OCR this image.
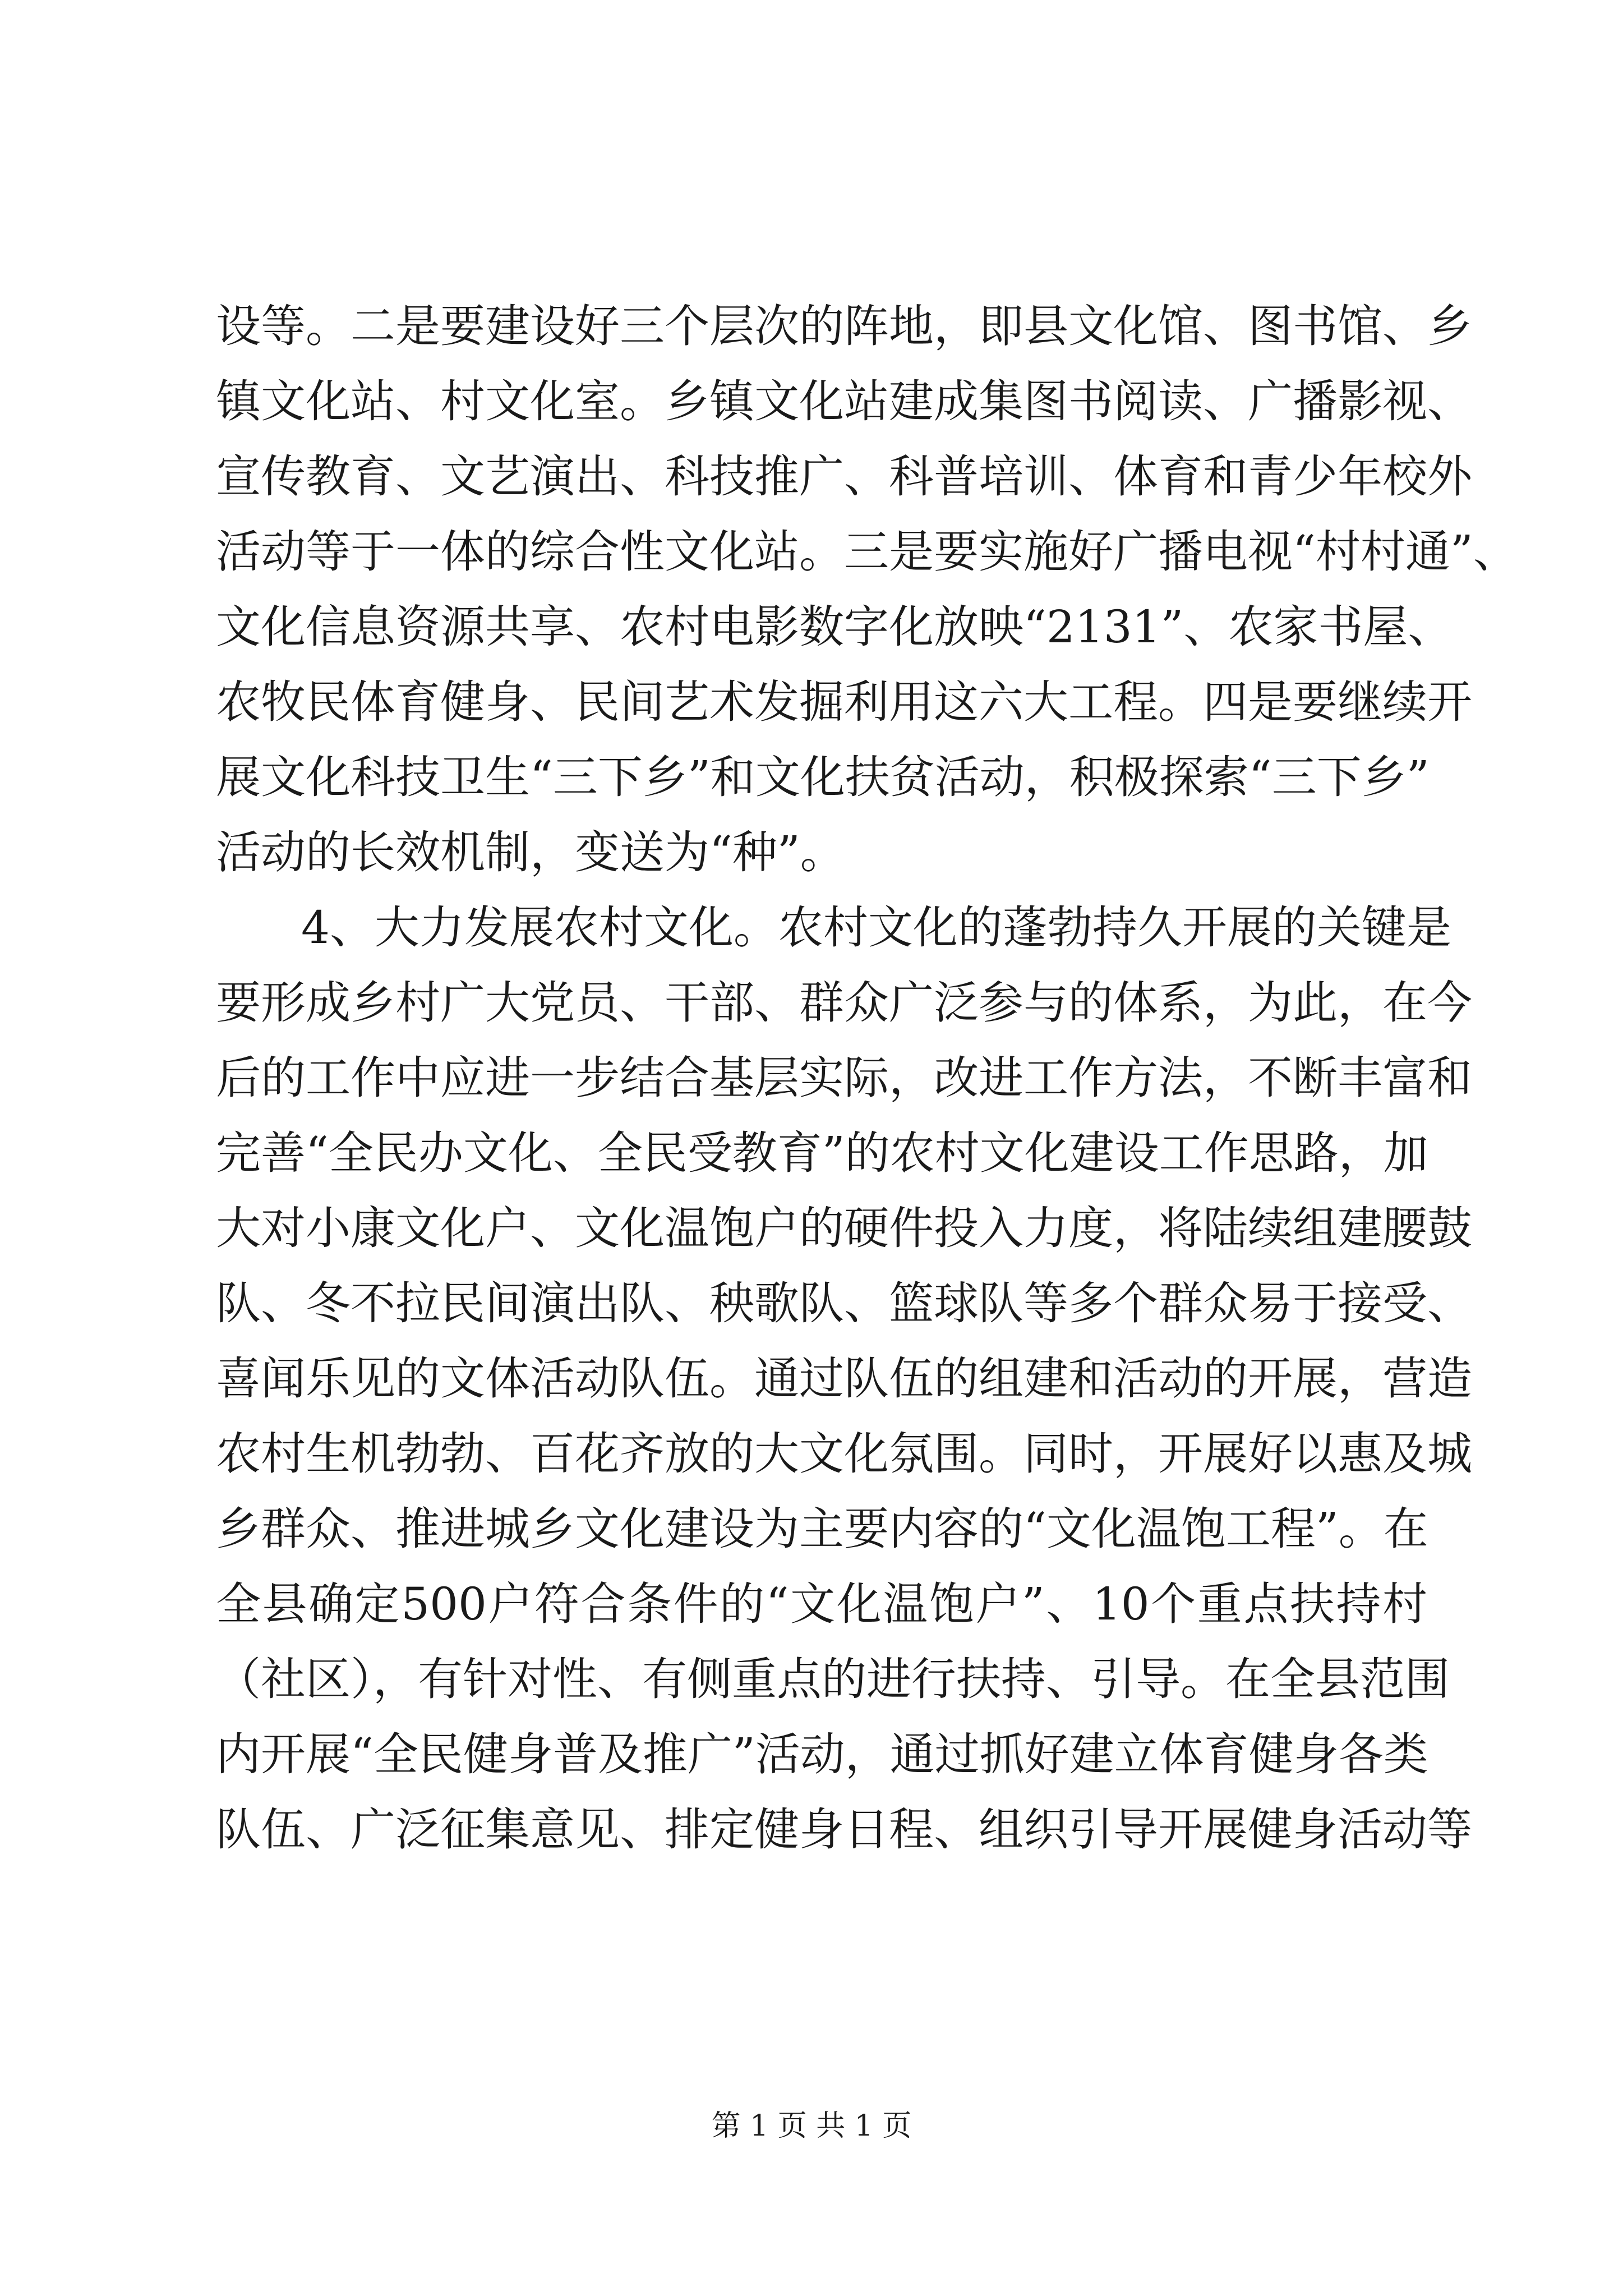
设等。二是要建设好三个层次的阵地，即县文化馆、图书馆、乡
镇文化站、村文化室。乡镇文化站建成集图书阅读、广播影视、
宣传教育、文艺演出、科技推广、科普培训、体育和青少年校外
活动等于一体的综合性文化站。三是要实施好广播电视“村村通”、
文化信息资源共享、农村电影数字化放映“2131”、农家书屋、
农牧民体育健身、民间艺术发掘利用这六大工程。四是要继续开
展文化科技卫生“三下乡”和文化扶贫活动，积极探索“三下乡”
活动的长效机制，变送为“种”。
4、大力发展农村文化。农村文化的蓬勃持久开展的关键是
要形成乡村广大党员、干部、群众广泛参与的体系，为此，在今
后的工作中应进一步结合基层实际，改进工作方法，不断丰富和
完善“全民办文化、全民受教育”的农村文化建设工作思路，加
大对小康文化户、文化温饱户的硬件投入力度，将陆续组建腰鼓
队、冬不拉民间演出队、秧歌队、篮球队等多个群众易于接受、
喜闻乐见的文体活动队伍。通过队伍的组建和活动的开展，营造
农村生机勃勃、百花齐放的大文化氛围。同时，开展好以惠及城
乡群众、推进城乡文化建设为主要内容的“文化温饱工程”。在
全县确定500户符合条件的“文化温饱户”、10个重点扶持村
（社区），有针对性、有侧重点的进行扶持、引导。在全县范围
内开展“全民健身普及推广”活动，通过抓好建立体育健身各类
队伍、广泛征集意见、排定健身日程、组织引导开展健身活动等
第 1 页 共 1 页
